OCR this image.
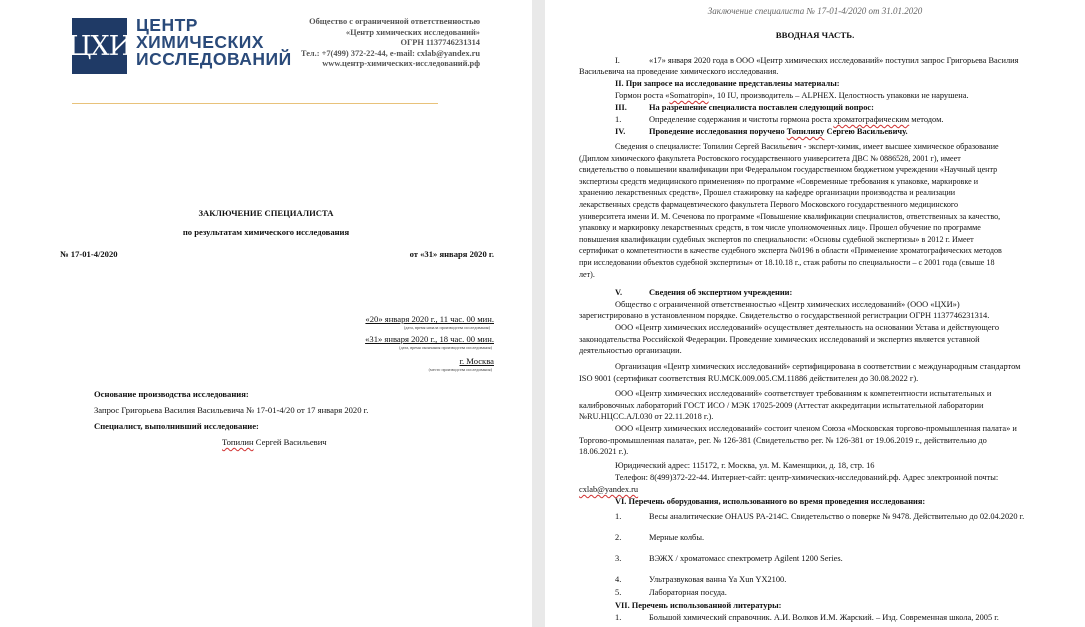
ЦХИ
ЦЕНТР
ХИМИЧЕСКИХ
ИССЛЕДОВАНИЙ
Общество с ограниченной ответственностью
«Центр химических исследований»
ОГРН 1137746231314
Тел.: +7(499) 372-22-44, e-mail: cxlab@yandex.ru
www.центр-химических-исследований.рф
ЗАКЛЮЧЕНИЕ СПЕЦИАЛИСТА
по результатам химического исследования
№ 17-01-4/2020	от «31» января 2020 г.
«20» января 2020 г., 11 час. 00 мин.
(дата, время начала производства исследования)
«31» января 2020 г., 18 час. 00 мин.
(дата, время окончания производства исследования)
г. Москва
(место производства исследования)
Основание производства исследования:
Запрос Григорьева Василия Васильевича № 17-01-4/20 от 17 января 2020 г.
Специалист, выполнивший исследование:
Топилин Сергей Васильевич
Заключение специалиста № 17-01-4/2020 от 31.01.2020
ВВОДНАЯ ЧАСТЬ.
I.	«17» января 2020 года в ООО «Центр химических исследований» поступил запрос Григорьева Василия
Васильевича на проведение химического исследования.
II. При запросе на исследование представлены материалы:
Гормон роста «Somatropin», 10 IU, производитель – ALPHEX. Целостность упаковки не нарушена.
III.	На разрешение специалиста поставлен следующий вопрос:
1.	Определение содержания и чистоты гормона роста хроматографическим методом.
IV.	Проведение исследования поручено Топилину Сергею Васильевичу.
Сведения о специалисте: Топилин Сергей Васильевич - эксперт-химик, имеет высшее химическое образование
(Диплом химического факультета Ростовского государственного университета ДВС № 0886528, 2001 г), имеет
свидетельство о повышении квалификации при Федеральном государственном бюджетном учреждении «Научный центр
экспертизы средств медицинского применения» по программе «Современные требования к упаковке, маркировке и
хранению лекарственных средств», Прошел стажировку на кафедре организации производства и реализации
лекарственных средств фармацевтического факультета Первого Московского государственного медицинского
университета имени И. М. Сеченова по программе «Повышение квалификации специалистов, ответственных за качество,
упаковку и маркировку лекарственных средств, в том числе уполномоченных лиц». Прошел обучение по программе
повышения квалификации судебных экспертов по специальности: «Основы судебной экспертизы» в 2012 г. Имеет
сертификат о компетентности в качестве судебного эксперта №0196 в области «Применение хроматографических методов
при исследовании объектов судебной экспертизы» от 18.10.18 г., стаж работы по специальности – с 2001 года (свыше 18
лет).
V.	Сведения об экспертном учреждении:
Общество с ограниченной ответственностью «Центр химических исследований» (ООО «ЦХИ»)
зарегистрировано в установленном порядке. Свидетельство о государственной регистрации ОГРН 1137746231314.
ООО «Центр химических исследований» осуществляет деятельность на основании Устава и действующего
законодательства Российской Федерации. Проведение химических исследований и экспертиз является уставной
деятельностью организации.
Организация «Центр химических исследований» сертифицирована в соответствии с международным стандартом
ISO 9001 (сертификат соответствия RU.МСК.009.005.СМ.11886 действителен до 30.08.2022 г).
ООО «Центр химических исследований» соответствует требованиям к компетентности испытательных и
калибровочных лабораторий ГОСТ ИСО / МЭК 17025-2009 (Аттестат аккредитации испытательной лаборатории
№RU.НЦСС.АЛ.030 от 22.11.2018 г.).
ООО «Центр химических исследований» состоит членом Союза «Московская торгово-промышленная палата» и
Торгово-промышленная палата», рег. № 126-381 (Свидетельство рег. № 126-381 от 19.06.2019 г., действительно до
18.06.2021 г.).
Юридический адрес: 115172, г. Москва, ул. М. Каменщики, д. 18, стр. 16
Телефон: 8(499)372-22-44. Интернет-сайт: центр-химических-исследований.рф. Адрес электронной почты:
cxlab@yandex.ru
VI. Перечень оборудования, использованного во время проведения исследования:
1.	Весы аналитические OHAUS PA-214C. Свидетельство о поверке № 9478. Действительно до 02.04.2020 г.
2.	Мерные колбы.
3.	ВЭЖХ / хроматомасс спектрометр Agilent 1200 Series.
4.	Ультразвуковая ванна Ya Xun YX2100.
5.	Лабораторная посуда.
VII. Перечень использованной литературы:
1.	Большой химический справочник. А.И. Волков И.М. Жарский. – Изд. Современная школа, 2005 г.
